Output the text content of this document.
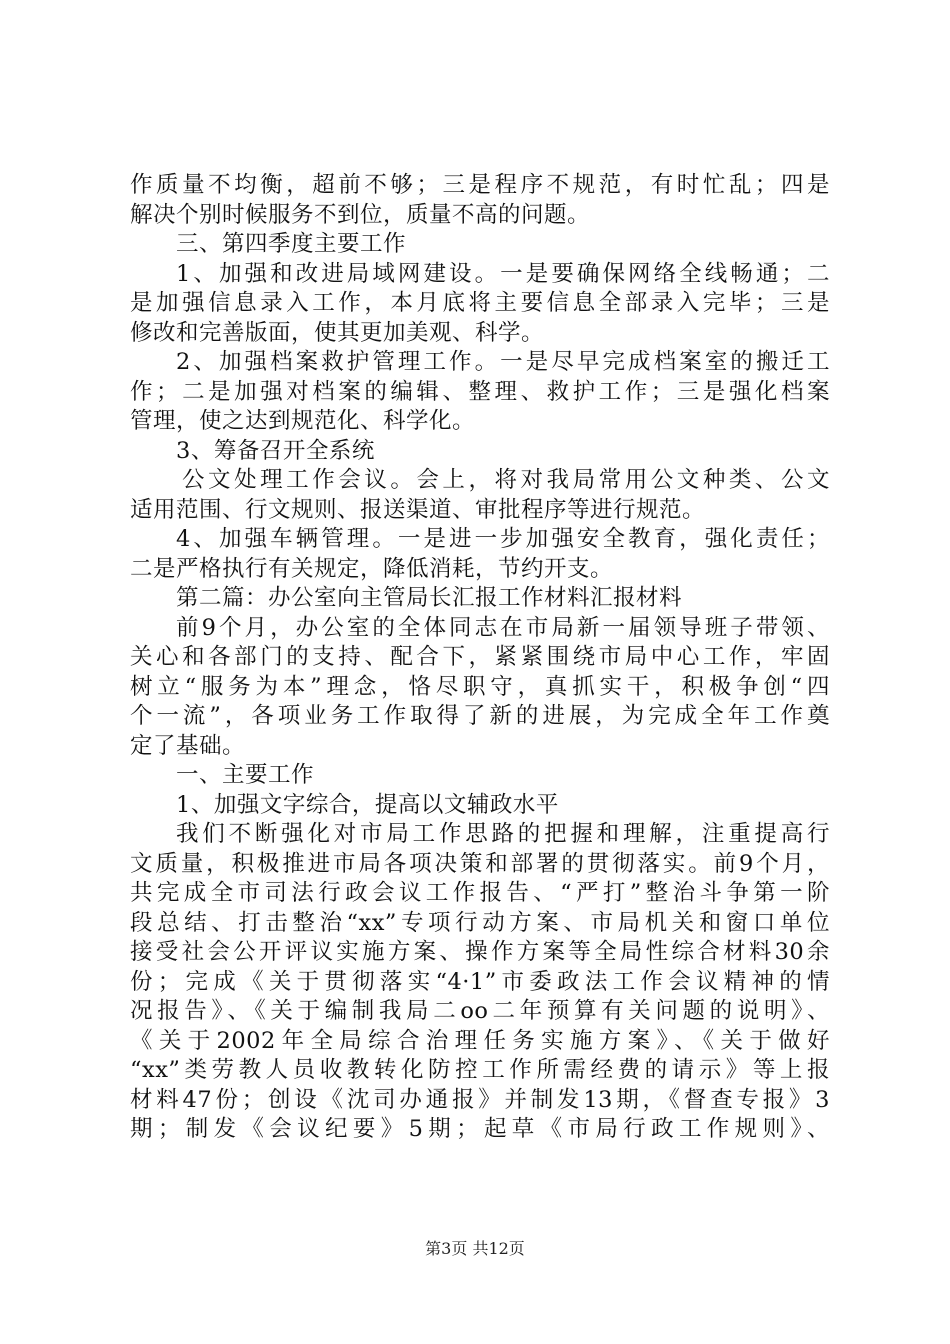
作质量不均衡，超前不够；三是程序不规范，有时忙乱；四是
解决个别时候服务不到位，质量不高的问题。
三、第四季度主要工作
1、加强和改进局域网建设。一是要确保网络全线畅通；二
是加强信息录入工作，本月底将主要信息全部录入完毕；三是
修改和完善版面，使其更加美观、科学。
2、加强档案救护管理工作。一是尽早完成档案室的搬迁工
作；二是加强对档案的编辑、整理、救护工作；三是强化档案
管理，使之达到规范化、科学化。
3、筹备召开全系统
公文处理工作会议。会上，将对我局常用公文种类、公文
适用范围、行文规则、报送渠道、审批程序等进行规范。
4、加强车辆管理。一是进一步加强安全教育，强化责任；
二是严格执行有关规定，降低消耗，节约开支。
第二篇：办公室向主管局长汇报工作材料汇报材料
前9个月，办公室的全体同志在市局新一届领导班子带领、
关心和各部门的支持、配合下，紧紧围绕市局中心工作，牢固
树立“服务为本”理念，恪尽职守，真抓实干，积极争创“四
个一流”，各项业务工作取得了新的进展，为完成全年工作奠
定了基础。
一、主要工作
1、加强文字综合，提高以文辅政水平
我们不断强化对市局工作思路的把握和理解，注重提高行
文质量，积极推进市局各项决策和部署的贯彻落实。前9个月，
共完成全市司法行政会议工作报告、“严打”整治斗争第一阶
段总结、打击整治“xx”专项行动方案、市局机关和窗口单位
接受社会公开评议实施方案、操作方案等全局性综合材料30余
份；完成《关于贯彻落实“4·1”市委政法工作会议精神的情
况报告》、《关于编制我局二oo二年预算有关问题的说明》、
《关于2002年全局综合治理任务实施方案》、《关于做好
“xx”类劳教人员收教转化防控工作所需经费的请示》等上报
材料47份；创设《沈司办通报》并制发13期，《督查专报》3
期；制发《会议纪要》5期；起草《市局行政工作规则》、
第3页 共12页
